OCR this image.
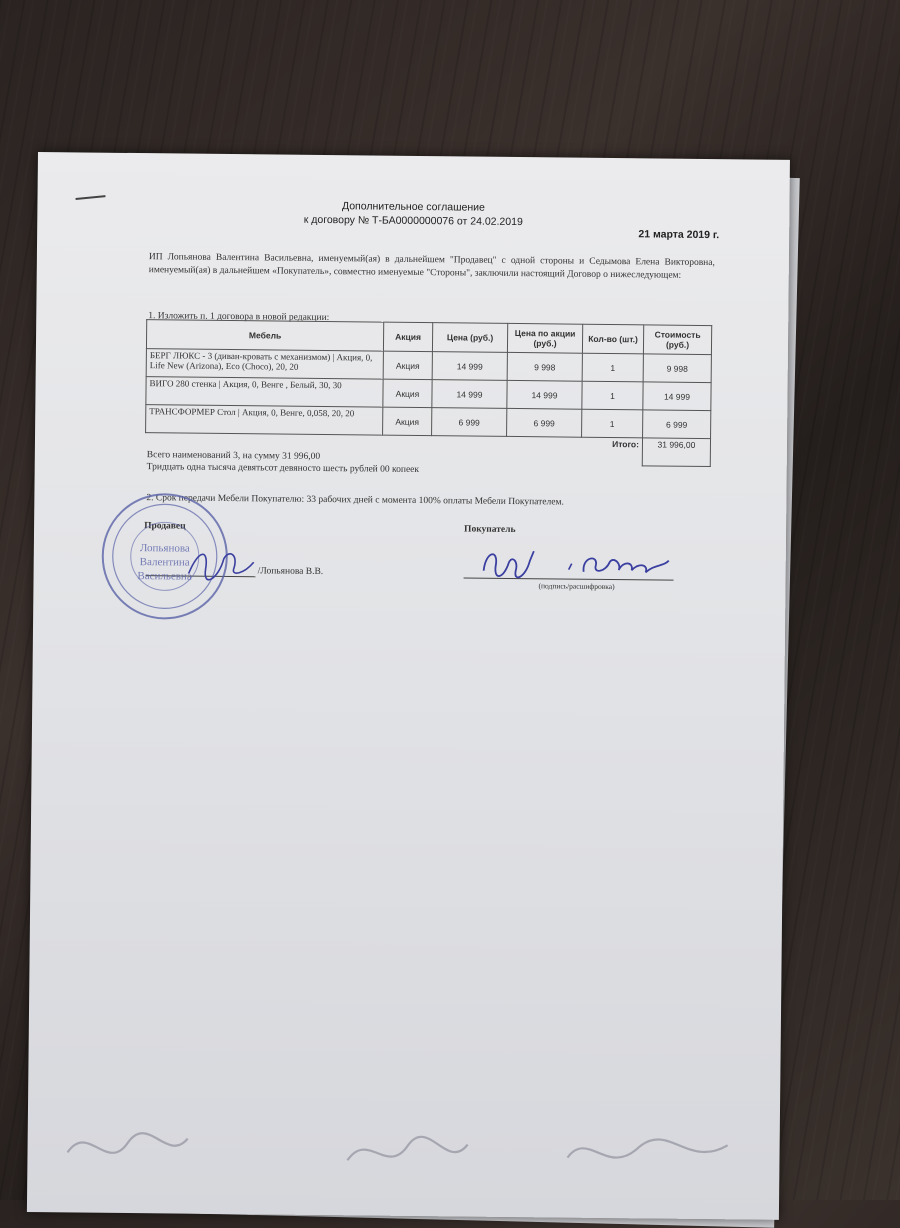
Дополнительное соглашение
к договору № Т-БА0000000076 от 24.02.2019
21 марта 2019 г.
ИП Лопьянова Валентина Васильевна, именуемый(ая) в дальнейшем "Продавец" с одной стороны и Седымова Елена Викторовна, именуемый(ая) в дальнейшем «Покупатель», совместно именуемые "Стороны", заключили настоящий Договор о нижеследующем:
1. Изложить п. 1 договора в новой редакции:
Мебель	Акция	Цена (руб.)	Цена по акции (руб.)	Кол-во (шт.)	Стоимость (руб.)
БЕРГ ЛЮКС - 3 (диван-кровать с механизмом) | Акция, 0, Life New (Arizona), Eco (Choco), 20, 20	Акция	14 999	9 998	1	9 998
ВИГО 280 стенка | Акция, 0, Венге , Белый, 30, 30	Акция	14 999	14 999	1	14 999
ТРАНСФОРМЕР Стол | Акция, 0, Венге, 0,058, 20, 20	Акция	6 999	6 999	1	6 999
				Итого:	31 996,00
Всего наименований 3, на сумму 31 996,00
Тридцать одна тысяча девятьсот девяносто шесть рублей 00 копеек
2. Срок передачи Мебели Покупателю: 33 рабочих дней с момента 100% оплаты Мебели Покупателем.
Продавец	Покупатель
/Лопьянова В.В.
(подпись/расшифровка)
Лопьянова
Валентина
Васильевна
